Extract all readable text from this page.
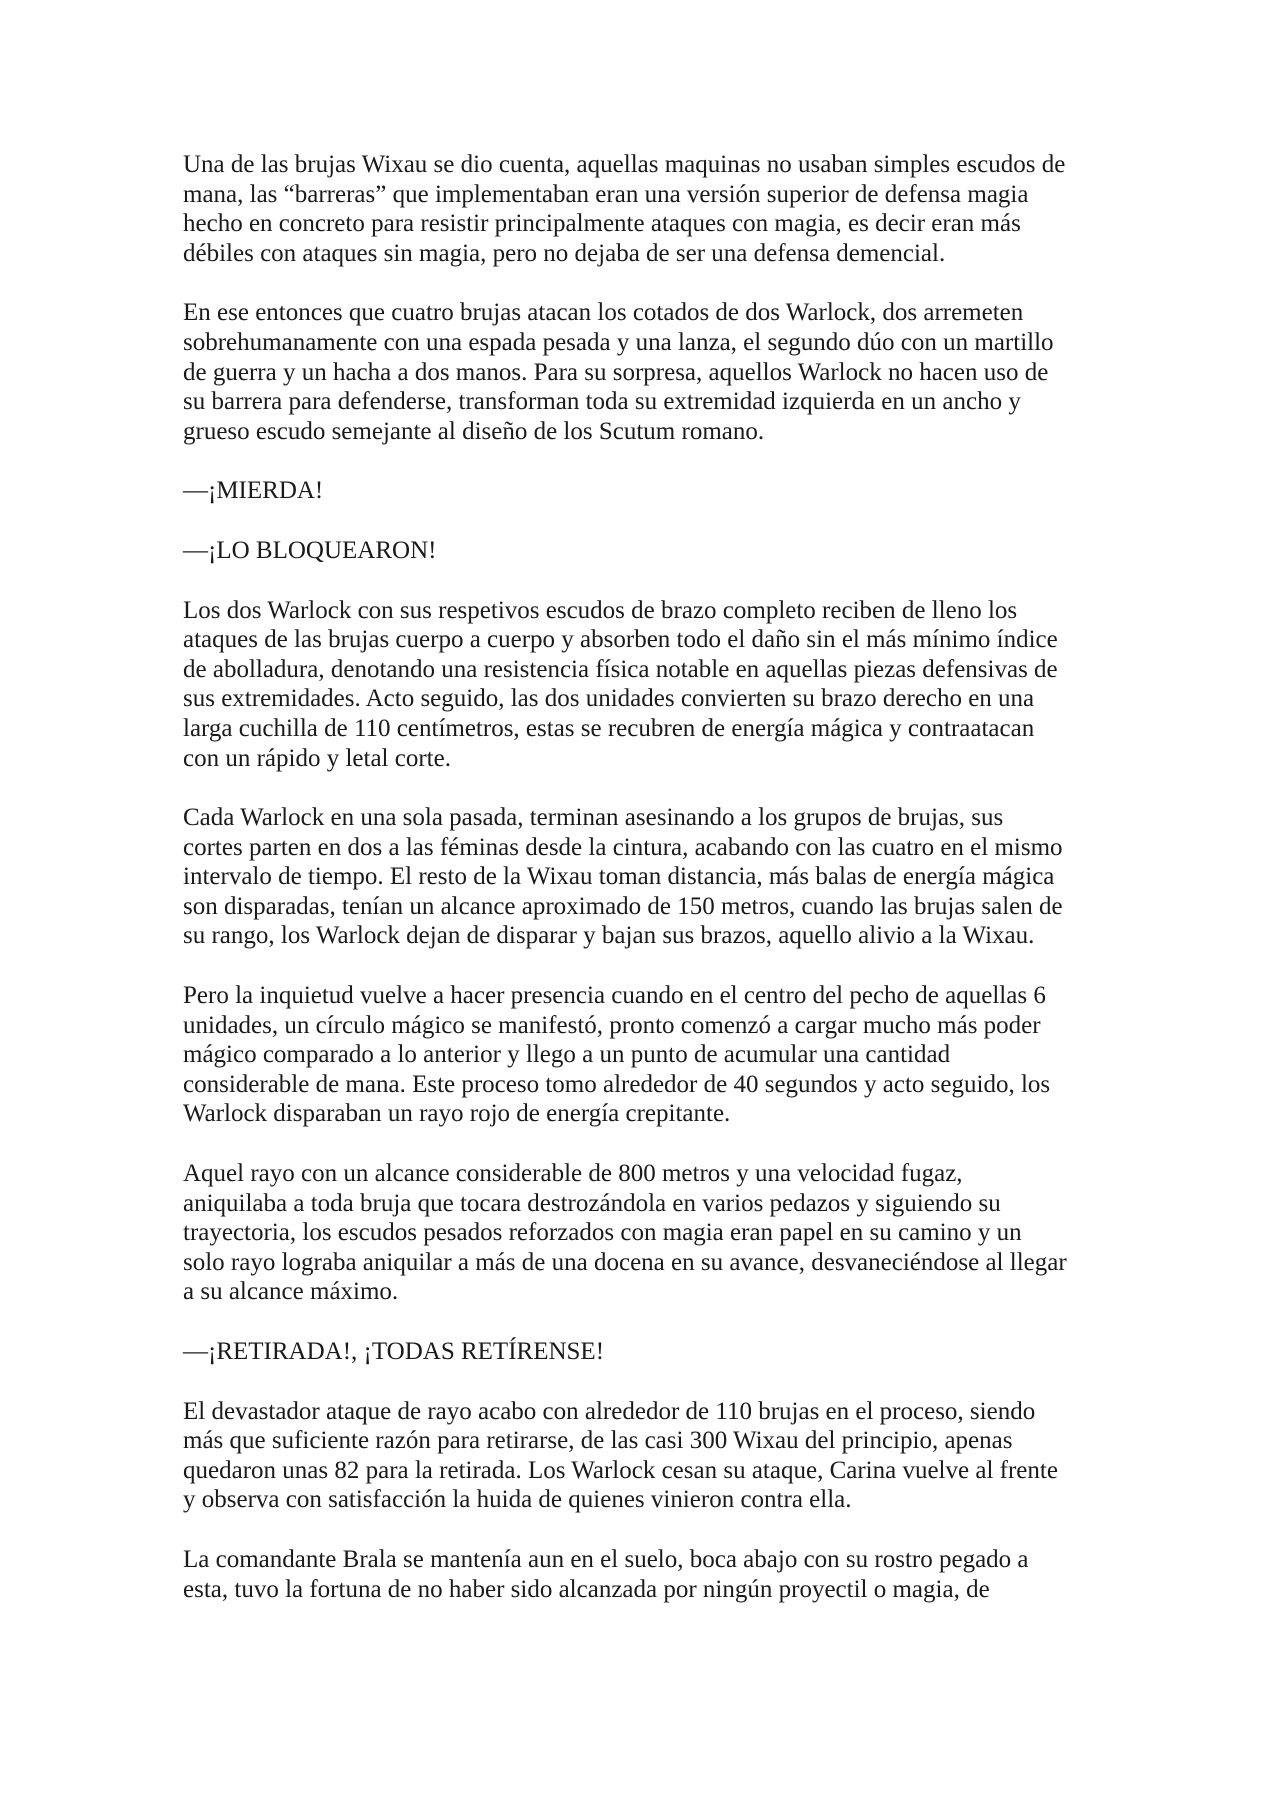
Una de las brujas Wixau se dio cuenta, aquellas maquinas no usaban simples escudos de
mana, las “barreras” que implementaban eran una versión superior de defensa magia
hecho en concreto para resistir principalmente ataques con magia, es decir eran más
débiles con ataques sin magia, pero no dejaba de ser una defensa demencial.

En ese entonces que cuatro brujas atacan los cotados de dos Warlock, dos arremeten
sobrehumanamente con una espada pesada y una lanza, el segundo dúo con un martillo
de guerra y un hacha a dos manos. Para su sorpresa, aquellos Warlock no hacen uso de
su barrera para defenderse, transforman toda su extremidad izquierda en un ancho y
grueso escudo semejante al diseño de los Scutum romano.

—¡MIERDA!

—¡LO BLOQUEARON!

Los dos Warlock con sus respetivos escudos de brazo completo reciben de lleno los
ataques de las brujas cuerpo a cuerpo y absorben todo el daño sin el más mínimo índice
de abolladura, denotando una resistencia física notable en aquellas piezas defensivas de
sus extremidades. Acto seguido, las dos unidades convierten su brazo derecho en una
larga cuchilla de 110 centímetros, estas se recubren de energía mágica y contraatacan
con un rápido y letal corte.

Cada Warlock en una sola pasada, terminan asesinando a los grupos de brujas, sus
cortes parten en dos a las féminas desde la cintura, acabando con las cuatro en el mismo
intervalo de tiempo. El resto de la Wixau toman distancia, más balas de energía mágica
son disparadas, tenían un alcance aproximado de 150 metros, cuando las brujas salen de
su rango, los Warlock dejan de disparar y bajan sus brazos, aquello alivio a la Wixau.

Pero la inquietud vuelve a hacer presencia cuando en el centro del pecho de aquellas 6
unidades, un círculo mágico se manifestó, pronto comenzó a cargar mucho más poder
mágico comparado a lo anterior y llego a un punto de acumular una cantidad
considerable de mana. Este proceso tomo alrededor de 40 segundos y acto seguido, los
Warlock disparaban un rayo rojo de energía crepitante.

Aquel rayo con un alcance considerable de 800 metros y una velocidad fugaz,
aniquilaba a toda bruja que tocara destrozándola en varios pedazos y siguiendo su
trayectoria, los escudos pesados reforzados con magia eran papel en su camino y un
solo rayo lograba aniquilar a más de una docena en su avance, desvaneciéndose al llegar
a su alcance máximo.

—¡RETIRADA!, ¡TODAS RETÍRENSE!

El devastador ataque de rayo acabo con alrededor de 110 brujas en el proceso, siendo
más que suficiente razón para retirarse, de las casi 300 Wixau del principio, apenas
quedaron unas 82 para la retirada. Los Warlock cesan su ataque, Carina vuelve al frente
y observa con satisfacción la huida de quienes vinieron contra ella.

La comandante Brala se mantenía aun en el suelo, boca abajo con su rostro pegado a
esta, tuvo la fortuna de no haber sido alcanzada por ningún proyectil o magia, de
